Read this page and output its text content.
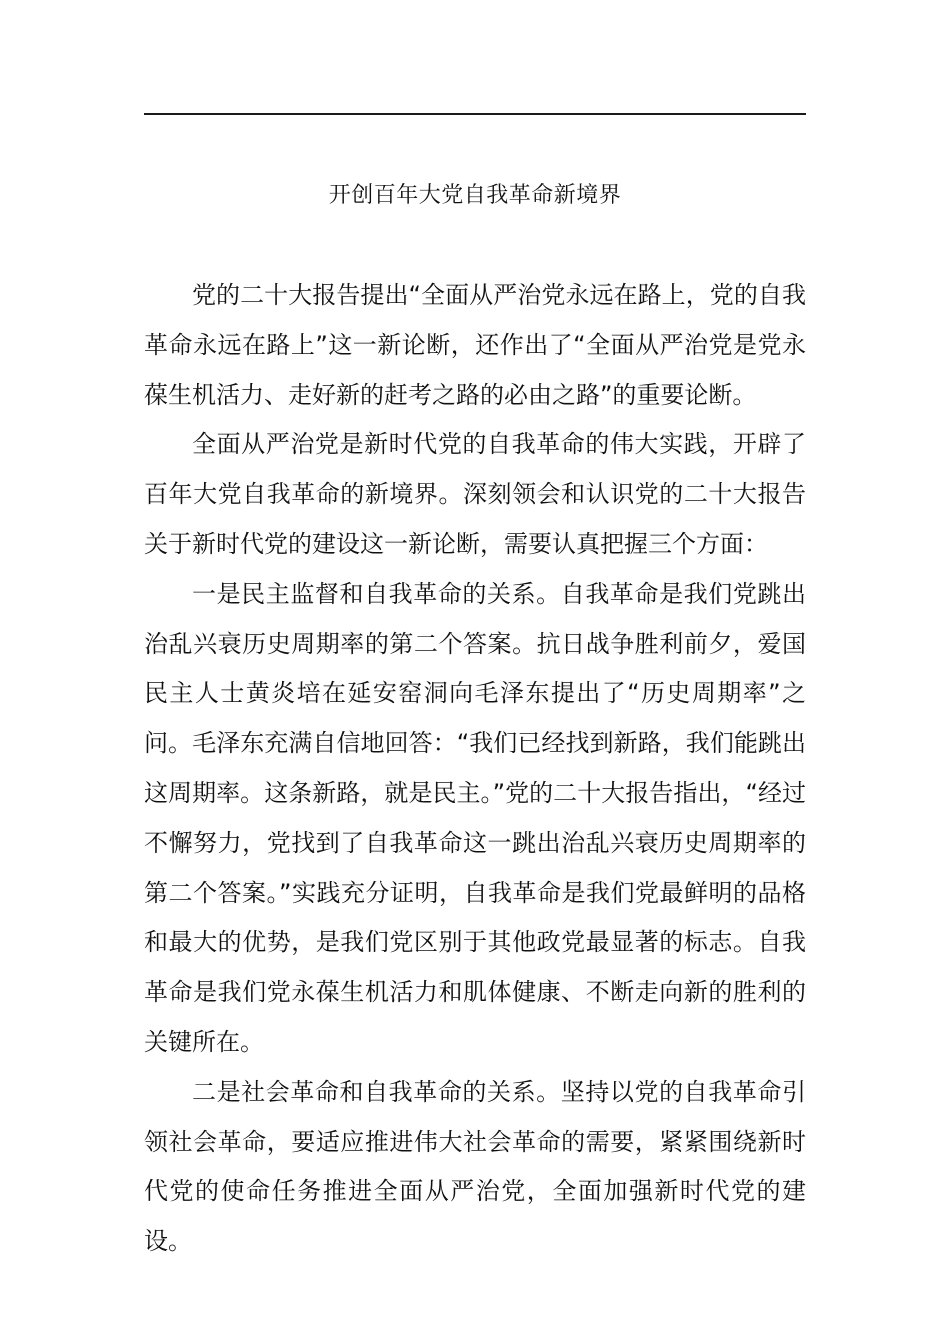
开创百年大党自我革命新境界

党的二十大报告提出“全面从严治党永远在路上，党的自我革命永远在路上”这一新论断，还作出了“全面从严治党是党永葆生机活力、走好新的赶考之路的必由之路”的重要论断。

全面从严治党是新时代党的自我革命的伟大实践，开辟了百年大党自我革命的新境界。深刻领会和认识党的二十大报告关于新时代党的建设这一新论断，需要认真把握三个方面：

一是民主监督和自我革命的关系。自我革命是我们党跳出治乱兴衰历史周期率的第二个答案。抗日战争胜利前夕，爱国民主人士黄炎培在延安窑洞向毛泽东提出了“历史周期率”之问。毛泽东充满自信地回答：“我们已经找到新路，我们能跳出这周期率。这条新路，就是民主。”党的二十大报告指出，“经过不懈努力，党找到了自我革命这一跳出治乱兴衰历史周期率的第二个答案。”实践充分证明，自我革命是我们党最鲜明的品格和最大的优势，是我们党区别于其他政党最显著的标志。自我革命是我们党永葆生机活力和肌体健康、不断走向新的胜利的关键所在。

二是社会革命和自我革命的关系。坚持以党的自我革命引领社会革命，要适应推进伟大社会革命的需要，紧紧围绕新时代党的使命任务推进全面从严治党，全面加强新时代党的建设。
